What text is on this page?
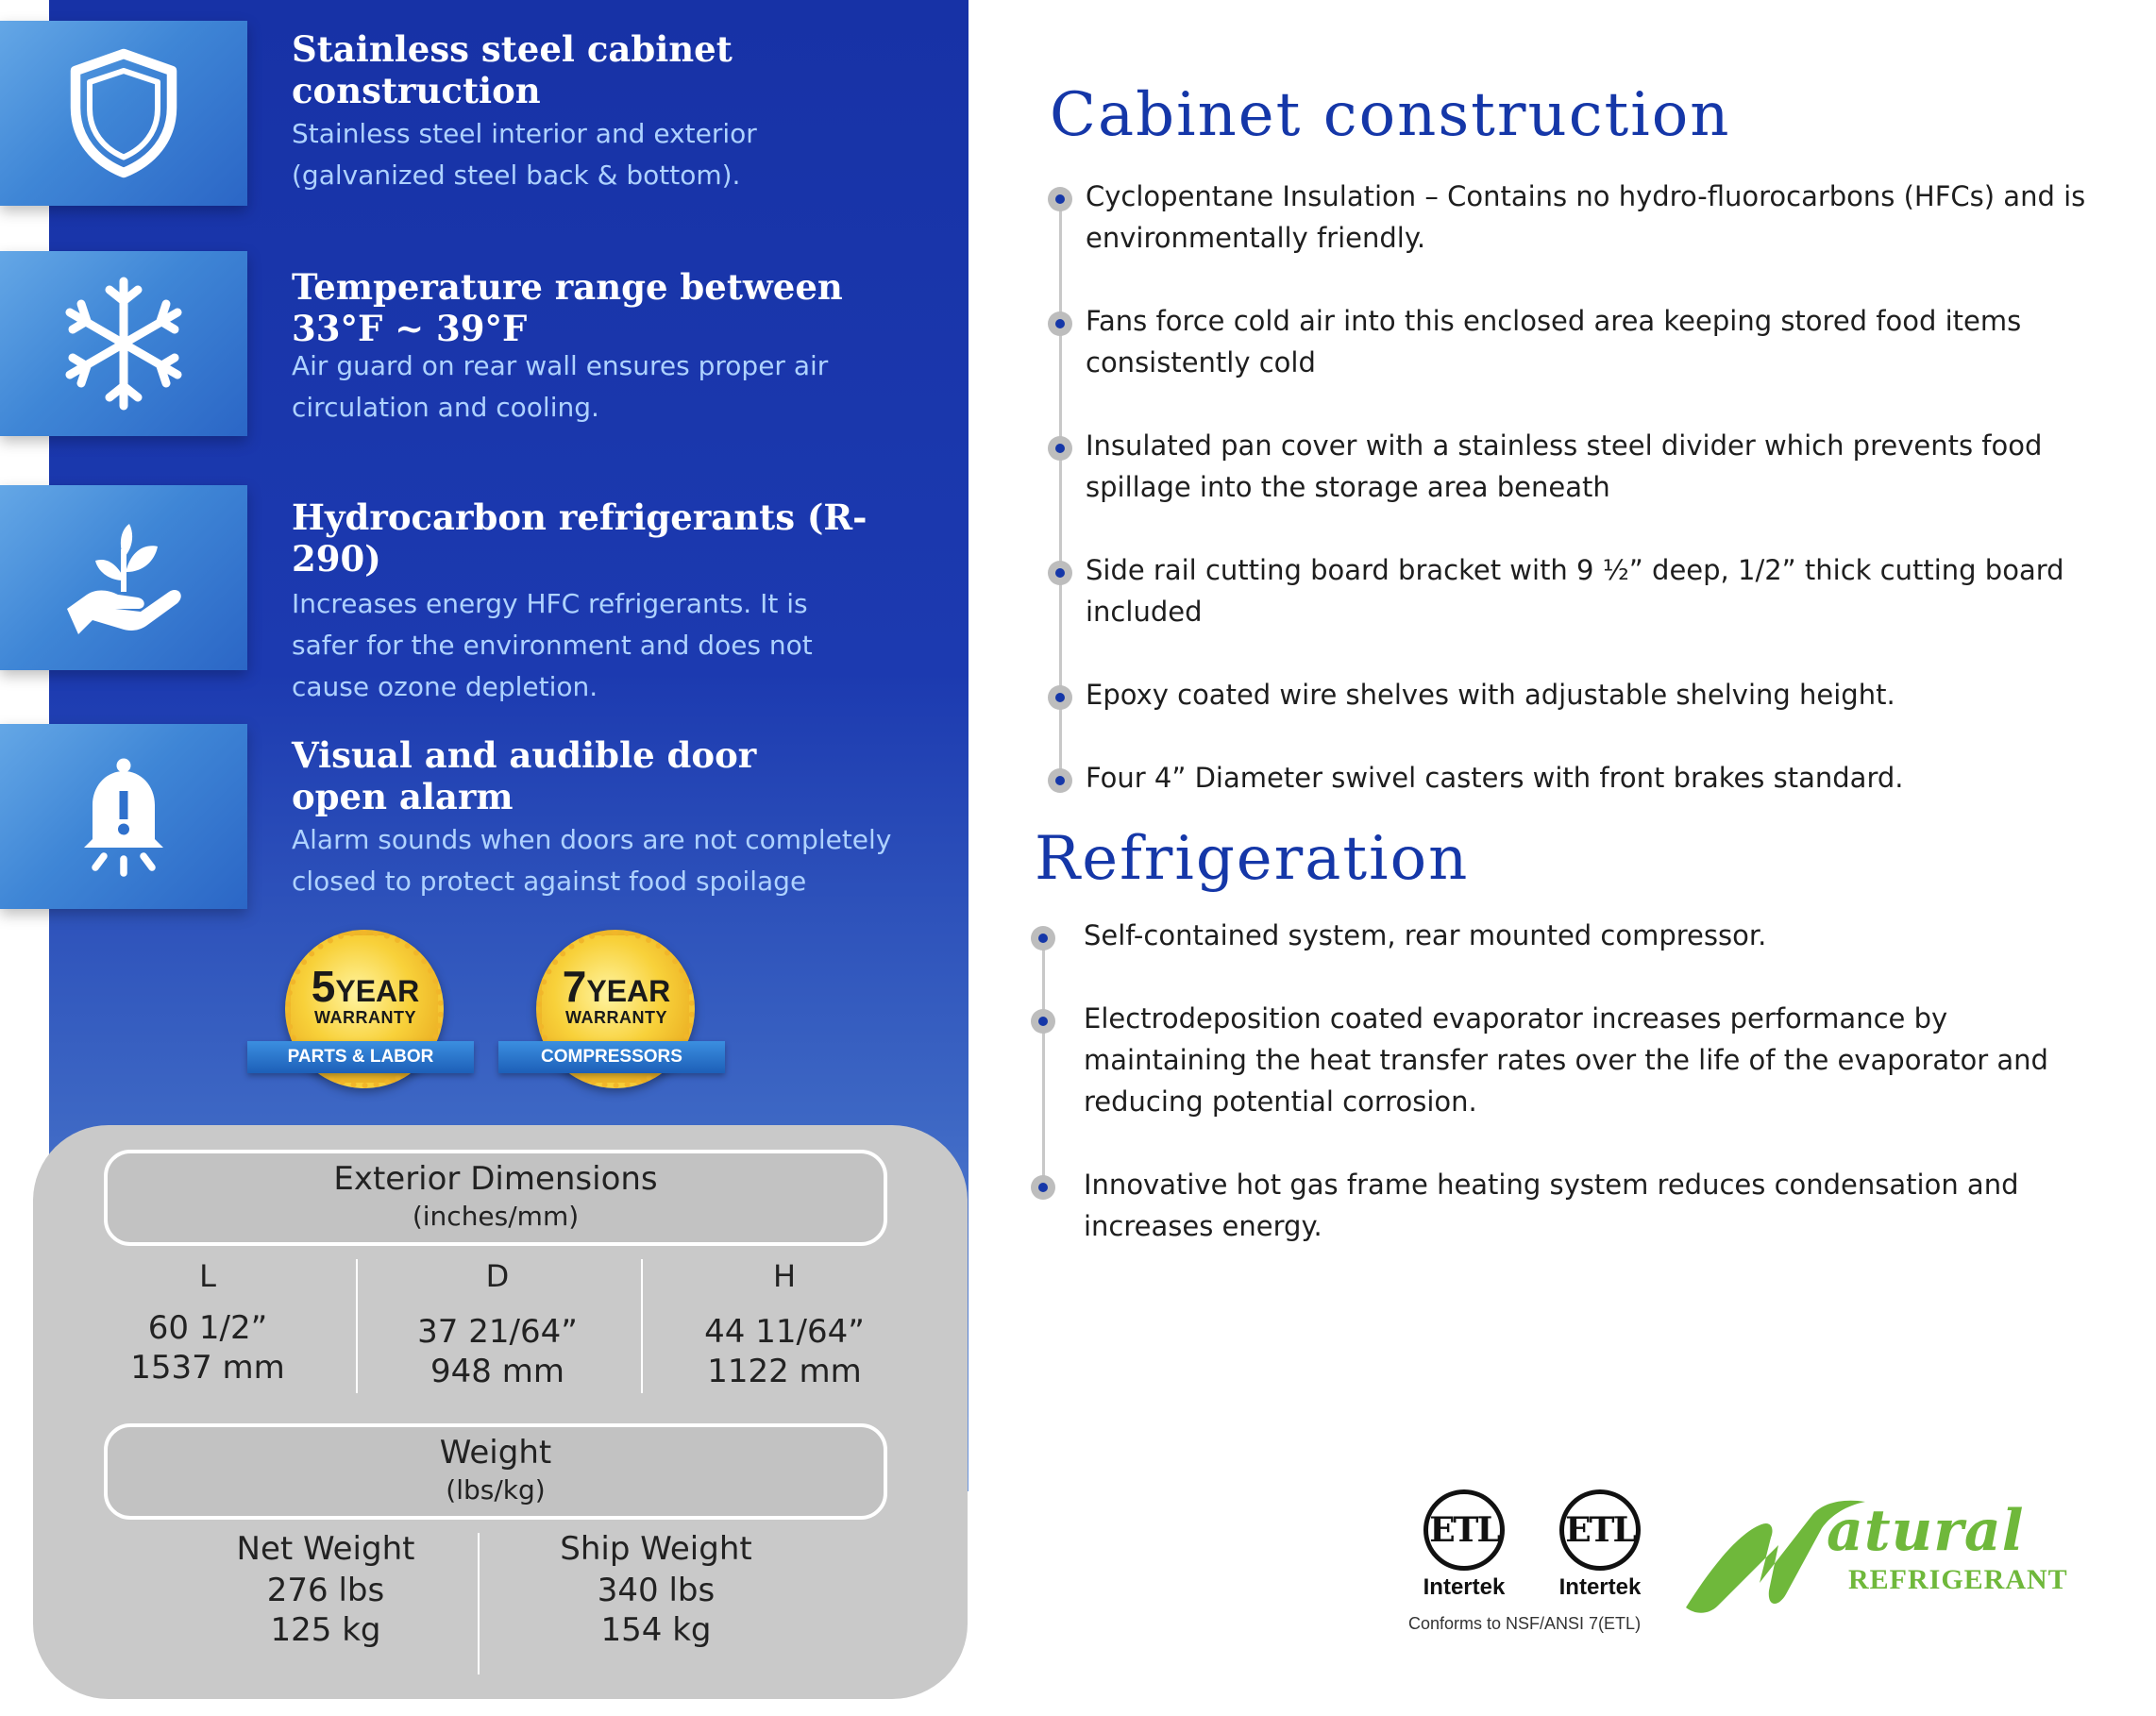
Stainless steel cabinet
construction
Stainless steel interior and exterior
(galvanized steel back & bottom).
Temperature range between
33°F ~ 39°F
Air guard on rear wall ensures proper air
circulation and cooling.
Hydrocarbon refrigerants (R-290)
Increases energy HFC refrigerants. It is
safer for the environment and does not
cause ozone depletion.
Visual and audible door
open alarm
Alarm sounds when doors are not completely
closed to protect against food spoilage
5YEAR
WARRANTY
PARTS & LABOR
7YEAR
WARRANTY
COMPRESSORS
Exterior Dimensions
(inches/mm)
L
60 1/2”
1537 mm
D
37 21/64”
948 mm
H
44 11/64”
1122 mm
Weight
(lbs/kg)
Net Weight
276 lbs
125 kg
Ship Weight
340 lbs
154 kg
Cabinet construction
Cyclopentane Insulation – Contains no hydro-fluorocarbons (HFCs) and is
environmentally friendly.
Fans force cold air into this enclosed area keeping stored food items
consistently cold
Insulated pan cover with a stainless steel divider which prevents food
spillage into the storage area beneath
Side rail cutting board bracket with 9 ½” deep, 1/2” thick cutting board
included
Epoxy coated wire shelves with adjustable shelving height.
Four 4” Diameter swivel casters with front brakes standard.
Refrigeration
Self-contained system, rear mounted compressor.
Electrodeposition coated evaporator increases performance by
maintaining the heat transfer rates over the life of the evaporator and
reducing potential corrosion.
Innovative hot gas frame heating system reduces condensation and
increases energy.
ETL
Intertek
ETL
Intertek
Conforms to NSF/ANSI 7(ETL)
atural
REFRIGERANT
